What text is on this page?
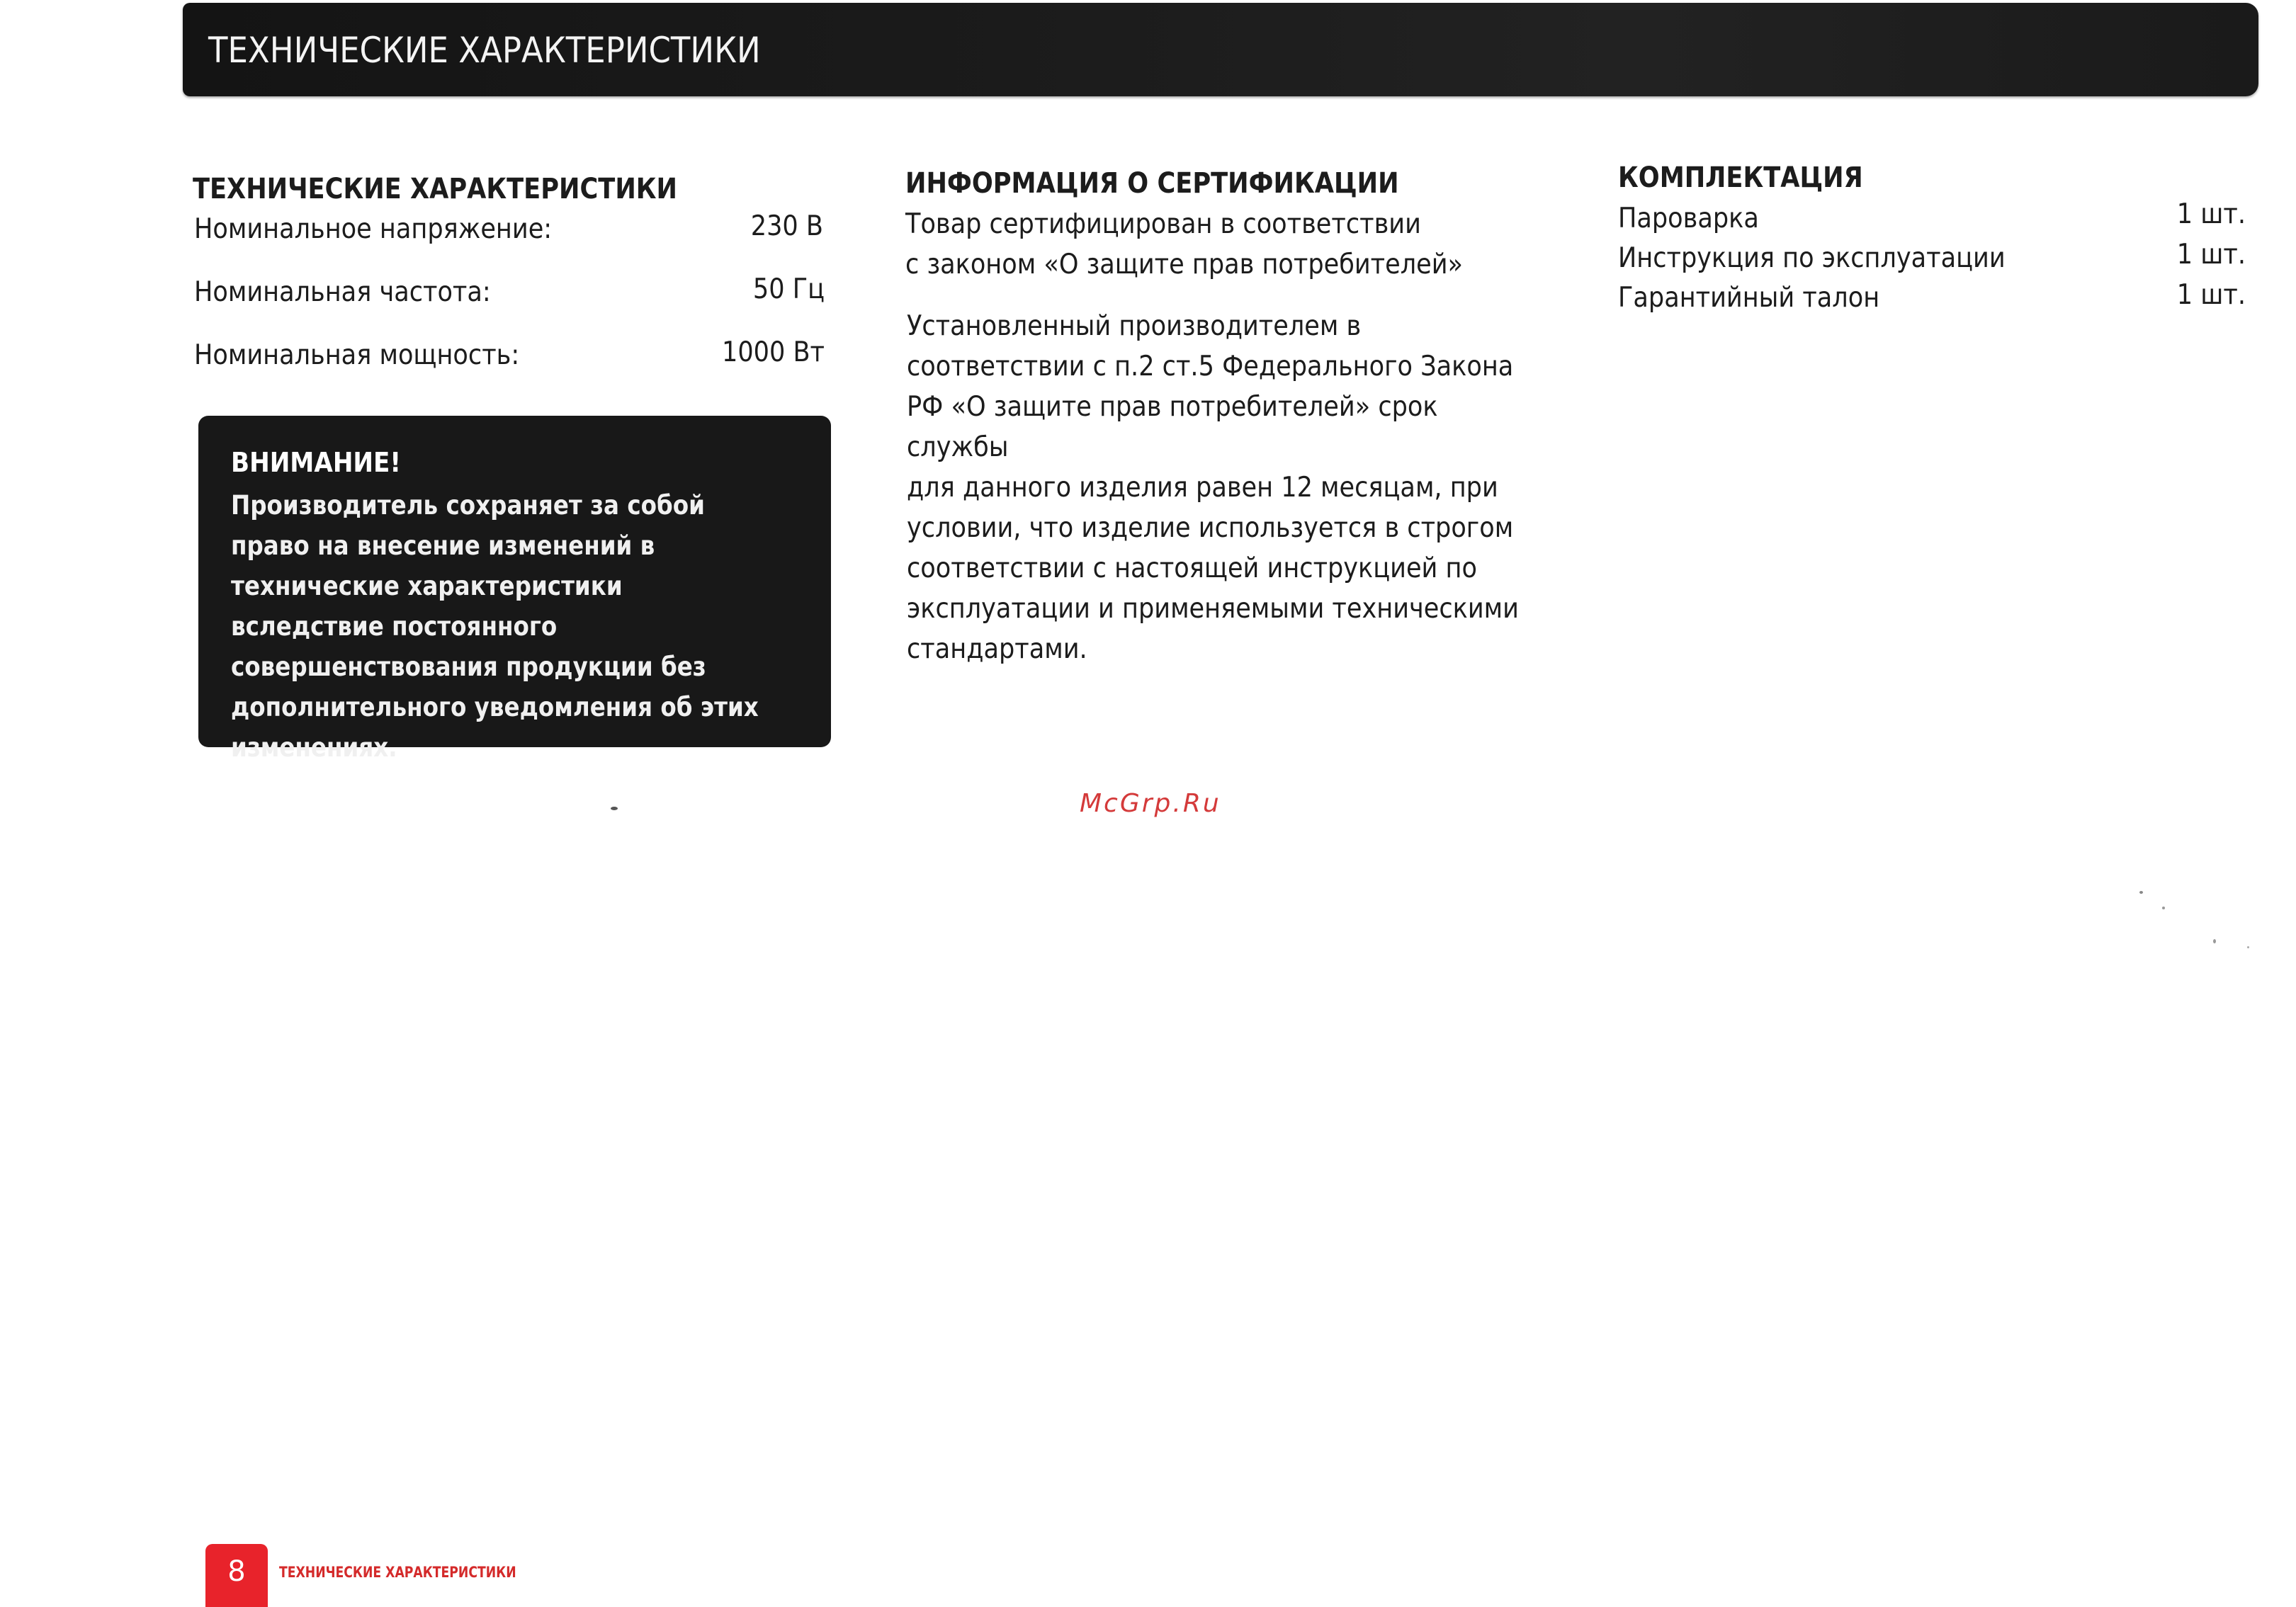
ТЕХНИЧЕСКИЕ ХАРАКТЕРИСТИКИ
ТЕХНИЧЕСКИЕ ХАРАКТЕРИСТИКИ
Номинальное напряжение:	230 В
Номинальная частота:	50 Гц
Номинальная мощность:	1000 Вт
ВНИМАНИЕ!
Производитель сохраняет за собой право на внесение изменений в технические характеристики вследствие постоянного совершенствования продукции без дополнительного уведомления об этих изменениях.
ИНФОРМАЦИЯ О СЕРТИФИКАЦИИ
Товар сертифицирован в соответствии
с законом «О защите прав потребителей»
Установленный производителем в
соответствии с п.2 ст.5 Федерального Закона
РФ «О защите прав потребителей» срок службы
для данного изделия равен 12 месяцам, при
условии, что изделие используется в строгом
соответствии с настоящей инструкцией по
эксплуатации и применяемыми техническими
стандартами.
КОМПЛЕКТАЦИЯ
Пароварка	1 шт.
Инструкция по эксплуатации	1 шт.
Гарантийный талон	1 шт.
McGrp.Ru
8	ТЕХНИЧЕСКИЕ ХАРАКТЕРИСТИКИ
